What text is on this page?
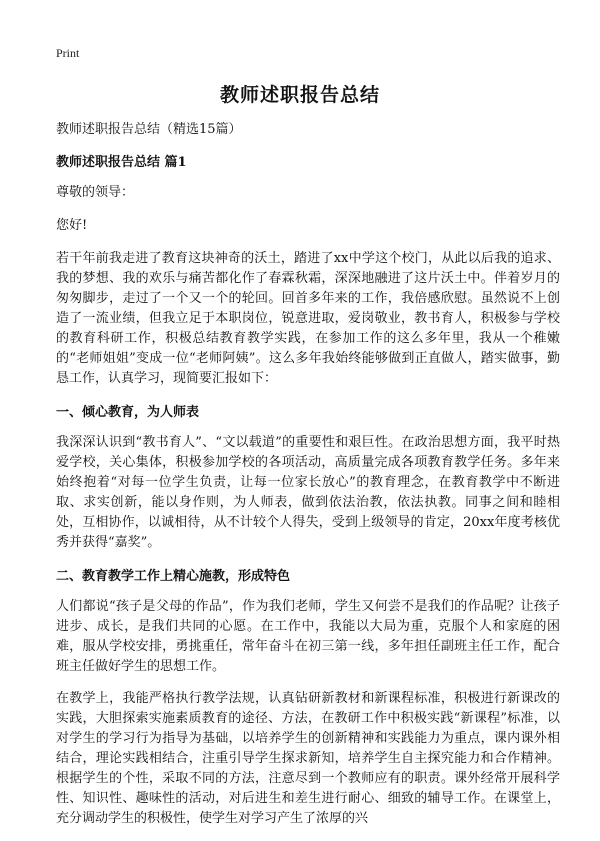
Print
教师述职报告总结
教师述职报告总结（精选15篇）
教师述职报告总结 篇1
尊敬的领导：
您好!
若干年前我走进了教育这块神奇的沃土，踏进了xx中学这个校门，从此以后我的追求、我的梦想、我的欢乐与痛苦都化作了春霖秋霜，深深地融进了这片沃土中。伴着岁月的匆匆脚步，走过了一个又一个的轮回。回首多年来的工作，我倍感欣慰。虽然说不上创造了一流业绩，但我立足于本职岗位，锐意进取，爱岗敬业，教书育人，积极参与学校的教育科研工作，积极总结教育教学实践，在参加工作的这么多年里，我从一个稚嫩的“老师姐姐”变成一位“老师阿姨”。这么多年我始终能够做到正直做人，踏实做事，勤恳工作，认真学习，现简要汇报如下：
一、倾心教育，为人师表
我深深认识到“教书育人”、“文以载道”的重要性和艰巨性。在政治思想方面，我平时热爱学校，关心集体，积极参加学校的各项活动，高质量完成各项教育教学任务。多年来始终抱着“对每一位学生负责，让每一位家长放心”的教育理念，在教育教学中不断进取、求实创新，能以身作则，为人师表，做到依法治教，依法执教。同事之间和睦相处，互相协作，以诚相待，从不计较个人得失，受到上级领导的肯定，20xx年度考核优秀并获得“嘉奖”。
二、教育教学工作上精心施教，形成特色
人们都说“孩子是父母的作品”，作为我们老师，学生又何尝不是我们的作品呢？让孩子进步、成长，是我们共同的心愿。在工作中，我能以大局为重，克服个人和家庭的困难，服从学校安排，勇挑重任，常年奋斗在初三第一线，多年担任副班主任工作，配合班主任做好学生的思想工作。
在教学上，我能严格执行教学法规，认真钻研新教材和新课程标准，积极进行新课改的实践，大胆探索实施素质教育的途径、方法，在教研工作中积极实践“新课程”标准，以对学生的学习行为指导为基础，以培养学生的创新精神和实践能力为重点，课内课外相结合，理论实践相结合，注重引导学生探求新知，培养学生自主探究能力和合作精神。根据学生的个性，采取不同的方法，注意尽到一个教师应有的职责。课外经常开展科学性、知识性、趣味性的活动，对后进生和差生进行耐心、细致的辅导工作。在课堂上，充分调动学生的积极性，使学生对学习产生了浓厚的兴
